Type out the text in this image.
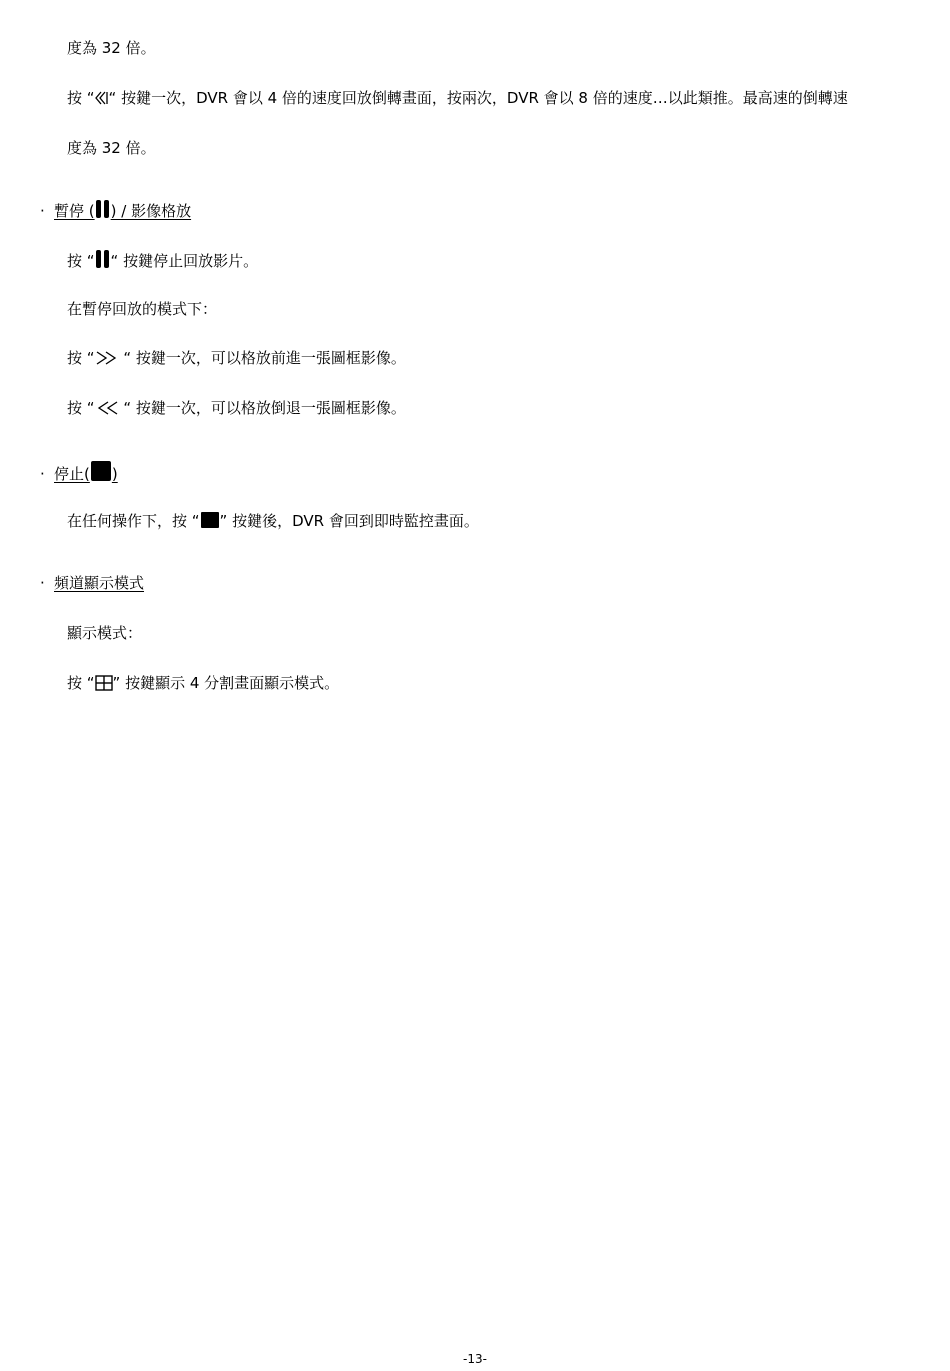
度為 32 倍。
按 “ “ 按鍵一次，DVR 會以 4 倍的速度回放倒轉畫面，按兩次，DVR 會以 8 倍的速度…以此類推。最高速的倒轉速
度為 32 倍。
· 暫停 ( ) / 影像格放
按 “ “ 按鍵停止回放影片。
在暫停回放的模式下：
按 “
“ 按鍵一次，可以格放前進一張圖框影像。
按 “
“ 按鍵一次，可以格放倒退一張圖框影像。
· 停止( )
在任何操作下，按 “ ” 按鍵後，DVR 會回到即時監控畫面。
· 頻道顯示模式
顯示模式：
按 “ ” 按鍵顯示 4 分割畫面顯示模式。
-13-
